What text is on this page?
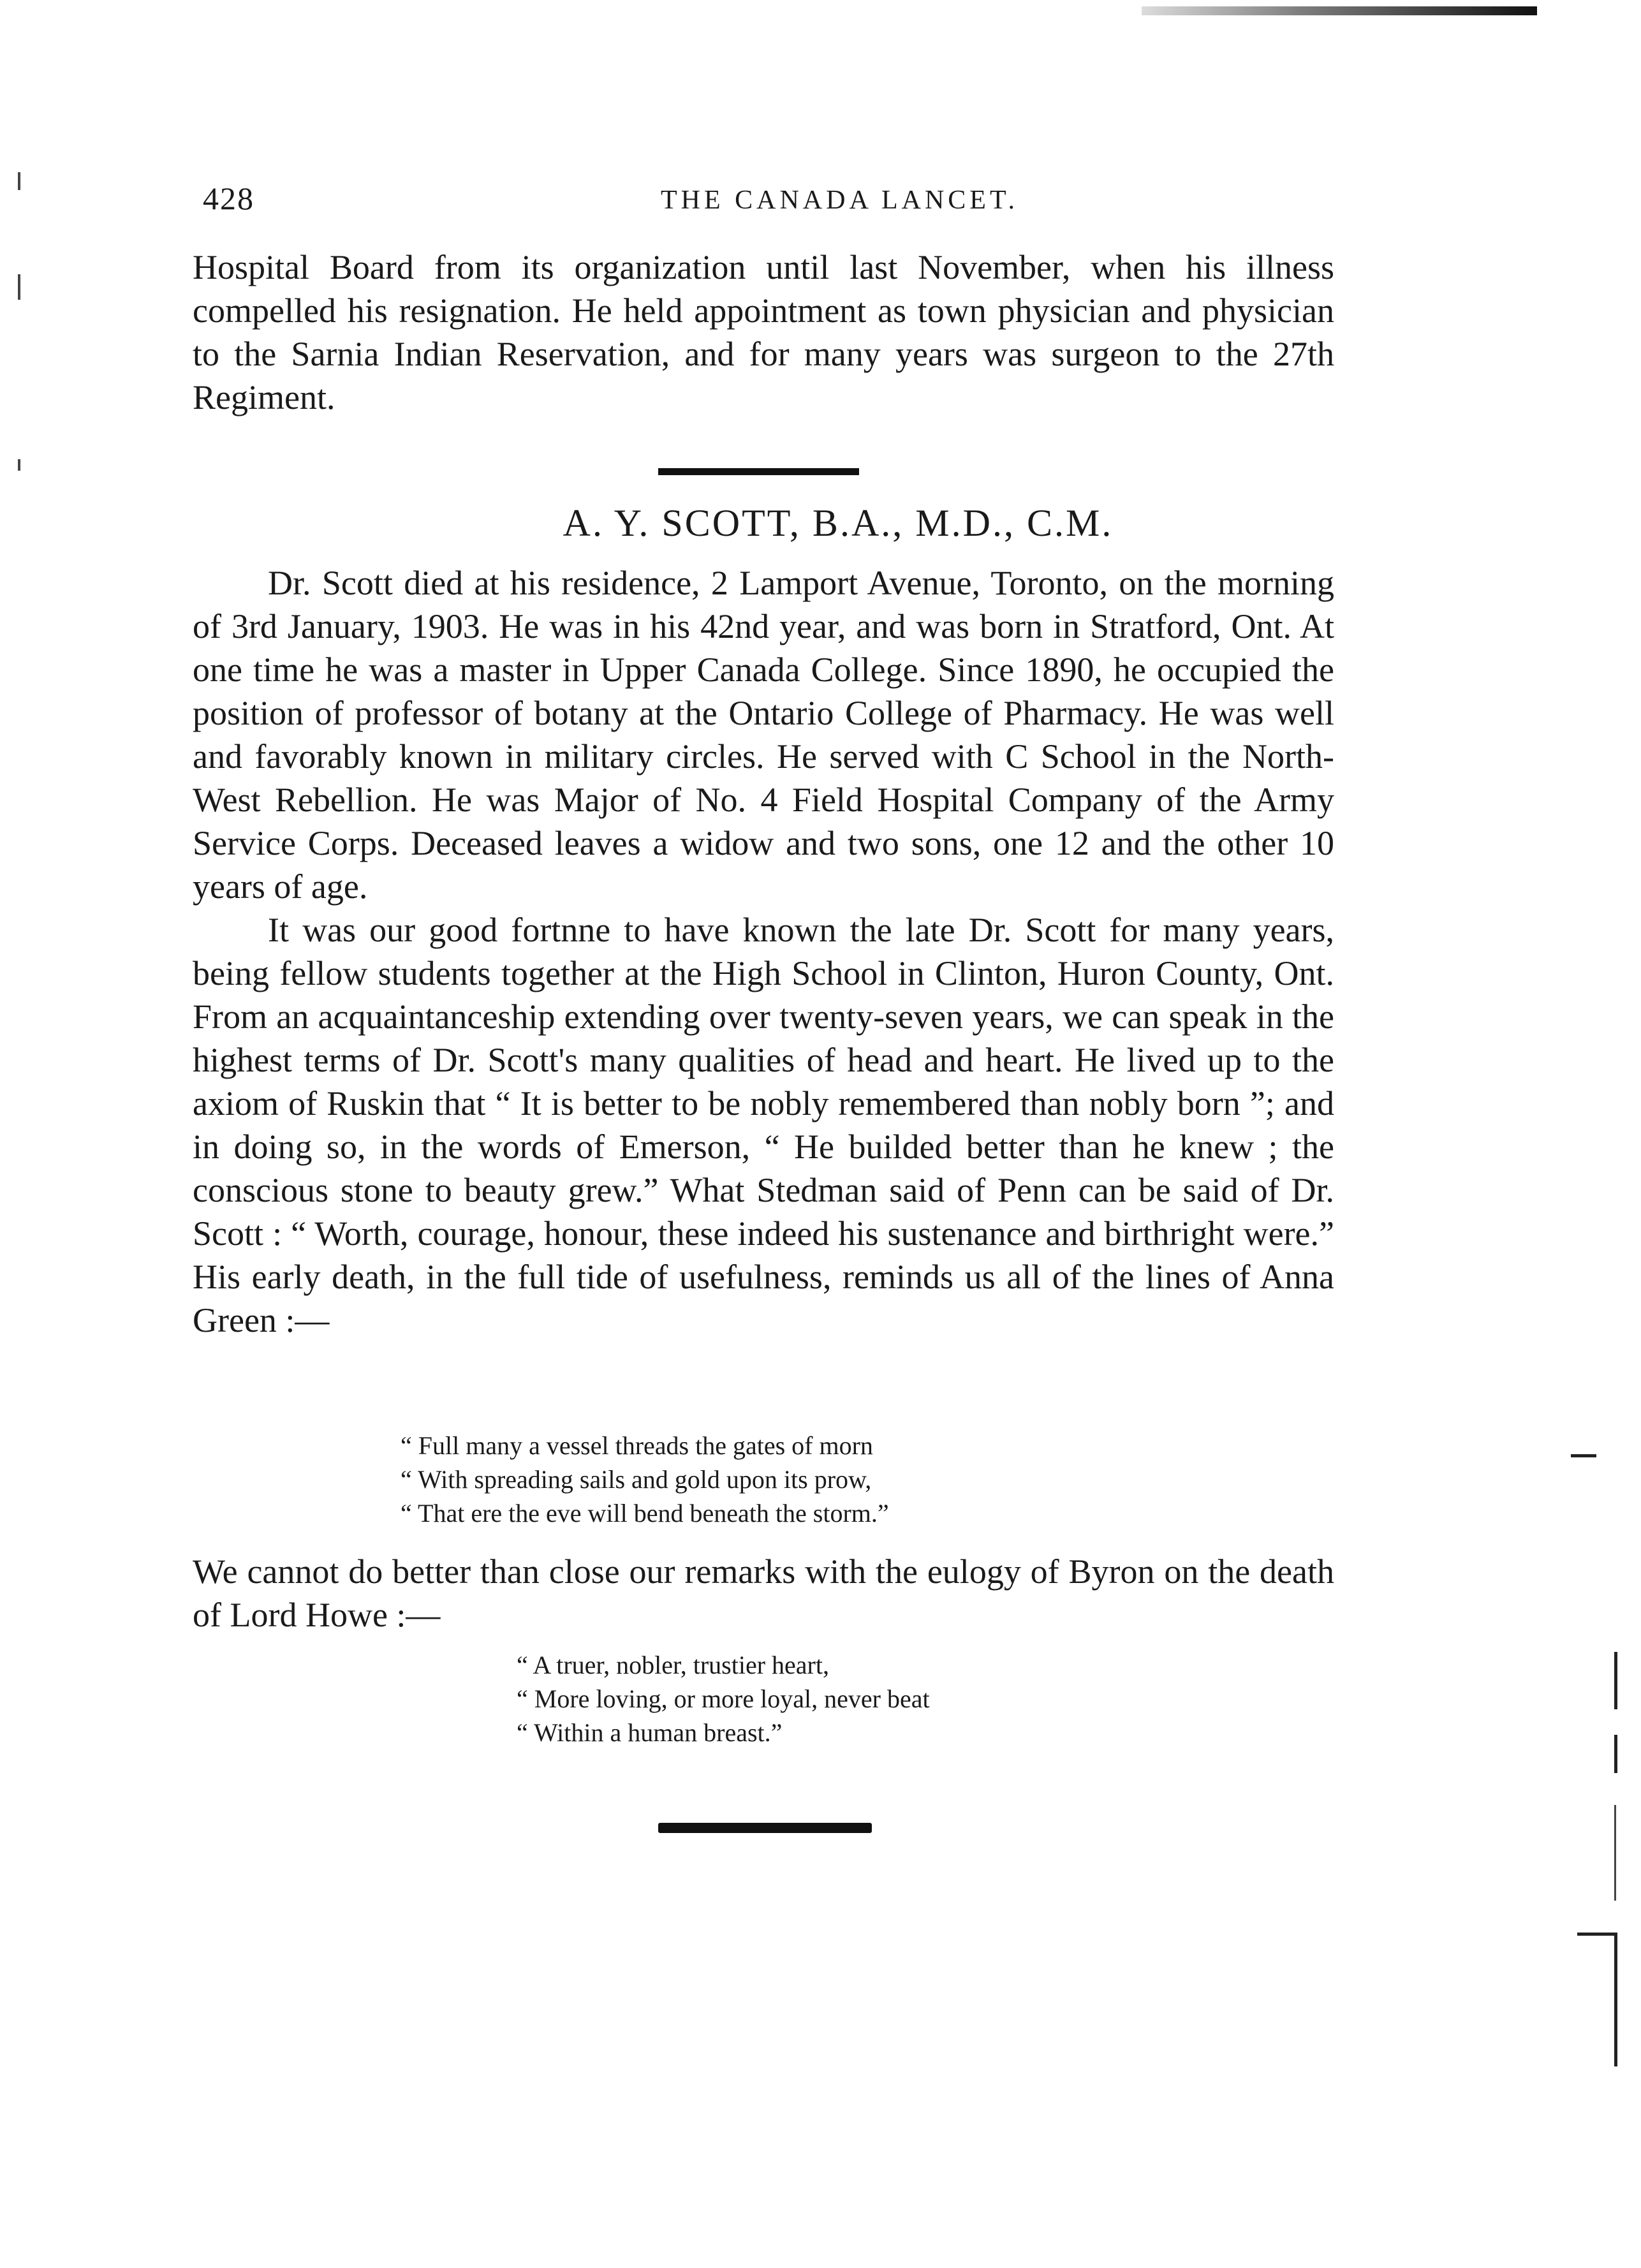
428	THE CANADA LANCET.

Hospital Board from its organization until last November, when his illness compelled his resignation. He held appointment as town physician and physician to the Sarnia Indian Reservation, and for many years was surgeon to the 27th Regiment.

A. Y. SCOTT, B.A., M.D., C.M.

Dr. Scott died at his residence, 2 Lamport Avenue, Toronto, on the morning of 3rd January, 1903. He was in his 42nd year, and was born in Stratford, Ont. At one time he was a master in Upper Canada College. Since 1890, he occupied the position of professor of botany at the Ontario College of Pharmacy. He was well and favorably known in military circles. He served with C School in the North-West Rebellion. He was Major of No. 4 Field Hospital Company of the Army Service Corps. Deceased leaves a widow and two sons, one 12 and the other 10 years of age.

It was our good fortnne to have known the late Dr. Scott for many years, being fellow students together at the High School in Clinton, Huron County, Ont. From an acquaintanceship extending over twenty-seven years, we can speak in the highest terms of Dr. Scott's many qualities of head and heart. He lived up to the axiom of Ruskin that “ It is better to be nobly remembered than nobly born ”; and in doing so, in the words of Emerson, “ He builded better than he knew ; the conscious stone to beauty grew.” What Stedman said of Penn can be said of Dr. Scott : “ Worth, courage, honour, these indeed his sustenance and birthright were.” His early death, in the full tide of usefulness, reminds us all of the lines of Anna Green :—

“ Full many a vessel threads the gates of morn
“ With spreading sails and gold upon its prow,
“ That ere the eve will bend beneath the storm.”

We cannot do better than close our remarks with the eulogy of Byron on the death of Lord Howe :—

“ A truer, nobler, trustier heart,
“ More loving, or more loyal, never beat
“ Within a human breast.”
